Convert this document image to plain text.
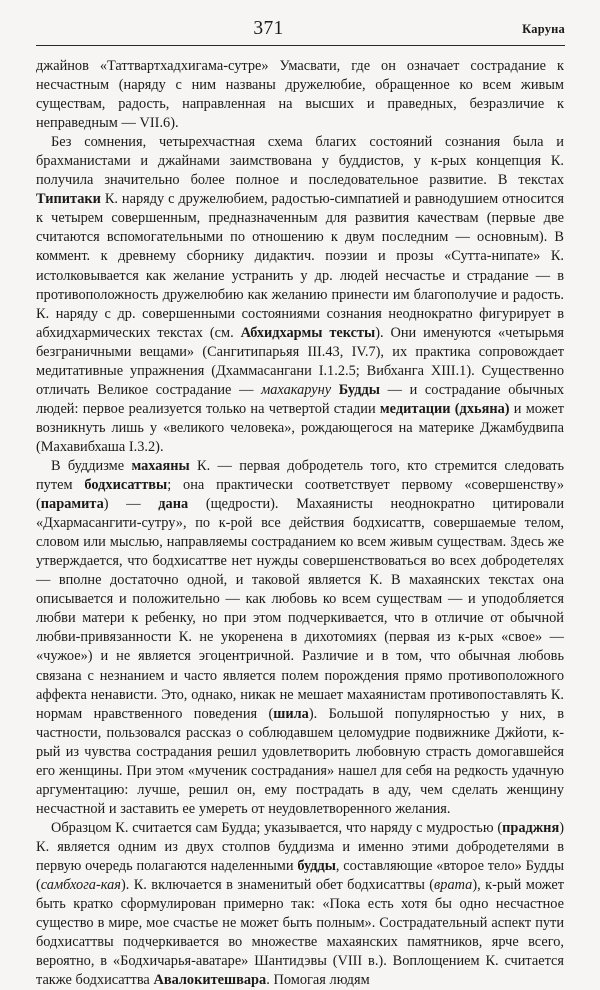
371	Каруна

джайнов «Таттвартхадхигама-сутре» Умасвати, где он означает сострадание к несчастным (наряду с ним названы дружелюбие, обращенное ко всем живым существам, радость, направленная на высших и праведных, безразличие к неправедным — VII.6).

Без сомнения, четырехчастная схема благих состояний сознания была и брахманистами и джайнами заимствована у буддистов, у к-рых концепция К. получила значительно более полное и последовательное развитие. В текстах Типитаки К. наряду с дружелюбием, радостью-симпатией и равнодушием относится к четырем совершенным, предназначенным для развития качествам (первые две считаются вспомогательными по отношению к двум последним — основным). В коммент. к древнему сборнику дидактич. поэзии и прозы «Сутта-нипате» К. истолковывается как желание устранить у др. людей несчастье и страдание — в противоположность дружелюбию как желанию принести им благополучие и радость. К. наряду с др. совершенными состояниями сознания неоднократно фигурирует в абхидхармических текстах (см. Абхидхармы тексты). Они именуются «четырьмя безграничными вещами» (Сангитипарьяя III.43, IV.7), их практика сопровождает медитативные упражнения (Дхаммасангани I.1.2.5; Вибханга XIII.1). Существенно отличать Великое сострадание — махакаруну Будды — и сострадание обычных людей: первое реализуется только на четвертой стадии медитации (дхьяна) и может возникнуть лишь у «великого человека», рождающегося на материке Джамбудвипа (Махавибхаша I.3.2).

В буддизме махаяны К. — первая добродетель того, кто стремится следовать путем бодхисаттвы; она практически соответствует первому «совершенству» (парамита) — дана (щедрости). Махаянисты неоднократно цитировали «Дхармасангити-сутру», по к-рой все действия бодхисаттв, совершаемые телом, словом или мыслью, направляемы состраданием ко всем живым существам. Здесь же утверждается, что бодхисаттве нет нужды совершенствоваться во всех добродетелях — вполне достаточно одной, и таковой является К. В махаянских текстах она описывается и положительно — как любовь ко всем существам — и уподобляется любви матери к ребенку, но при этом подчеркивается, что в отличие от обычной любви-привязанности К. не укоренена в дихотомиях (первая из к-рых «свое» — «чужое») и не является эгоцентричной. Различие и в том, что обычная любовь связана с незнанием и часто является полем порождения прямо противоположного аффекта ненависти. Это, однако, никак не мешает махаянистам противопоставлять К. нормам нравственного поведения (шила). Большой популярностью у них, в частности, пользовался рассказ о соблюдавшем целомудрие подвижнике Джйоти, к-рый из чувства сострадания решил удовлетворить любовную страсть домогавшейся его женщины. При этом «мученик сострадания» нашел для себя на редкость удачную аргументацию: лучше, решил он, ему пострадать в аду, чем сделать женщину несчастной и заставить ее умереть от неудовлетворенного желания.

Образцом К. считается сам Будда; указывается, что наряду с мудростью (праджня) К. является одним из двух столпов буддизма и именно этими добродетелями в первую очередь полагаются наделенными будды, составляющие «второе тело» Будды (самбхога-кая). К. включается в знаменитый обет бодхисаттвы (врата), к-рый может быть кратко сформулирован примерно так: «Пока есть хотя бы одно несчастное существо в мире, мое счастье не может быть полным». Сострадательный аспект пути бодхисаттвы подчеркивается во множестве махаянских памятников, ярче всего, вероятно, в «Бодхичарья-аватаре» Шантидэвы (VIII в.). Воплощением К. считается также бодхисаттва Авалокитешвара. Помогая людям
